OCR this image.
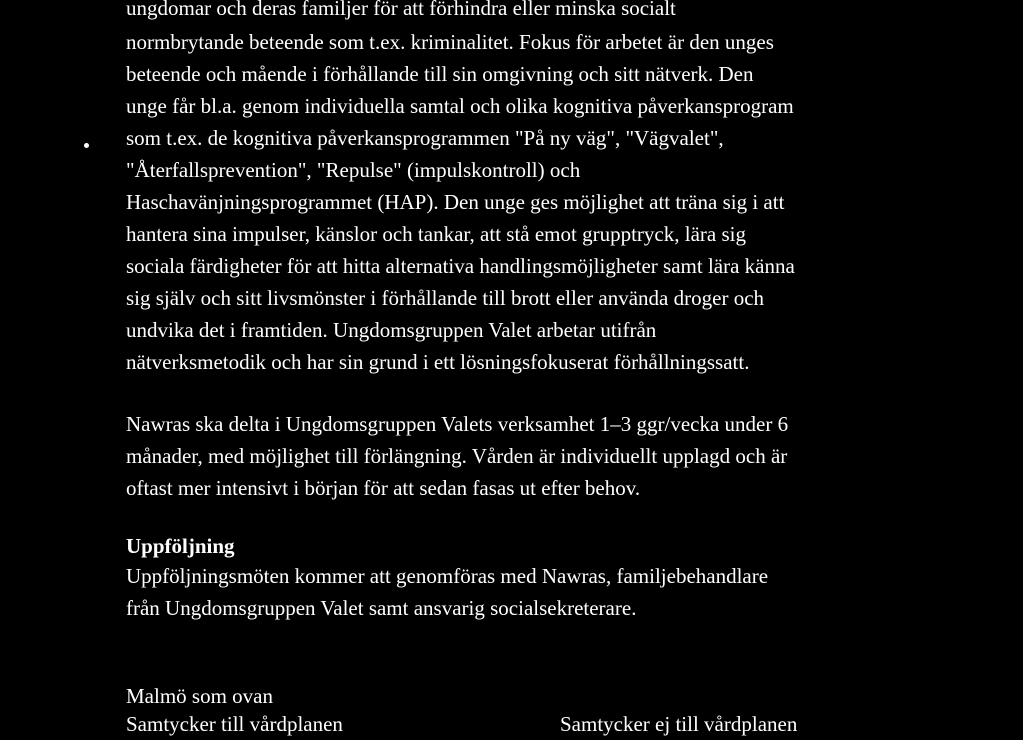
ungdomar och deras familjer för att förhindra eller minska socialt
normbrytande beteende som t.ex. kriminalitet. Fokus för arbetet är den unges
beteende och mående i förhållande till sin omgivning och sitt nätverk. Den
unge får bl.a. genom individuella samtal och olika kognitiva påverkansprogram
som t.ex. de kognitiva påverkansprogrammen "På ny väg", "Vägvalet",
"Återfallsprevention", "Repulse" (impulskontroll) och
Haschavänjningsprogrammet (HAP). Den unge ges möjlighet att träna sig i att
hantera sina impulser, känslor och tankar, att stå emot grupptryck, lära sig
sociala färdigheter för att hitta alternativa handlingsmöjligheter samt lära känna
sig själv och sitt livsmönster i förhållande till brott eller använda droger och
undvika det i framtiden. Ungdomsgruppen Valet arbetar utifrån
nätverksmetodik och har sin grund i ett lösningsfokuserat förhållningssatt.
Nawras ska delta i Ungdomsgruppen Valets verksamhet 1–3 ggr/vecka under 6
månader, med möjlighet till förlängning. Vården är individuellt upplagd och är
oftast mer intensivt i början för att sedan fasas ut efter behov.
Uppföljning
Uppföljningsmöten kommer att genomföras med Nawras, familjebehandlare
från Ungdomsgruppen Valet samt ansvarig socialsekreterare.
Malmö som ovan
Samtycker till vårdplanen	Samtycker ej till vårdplanen
